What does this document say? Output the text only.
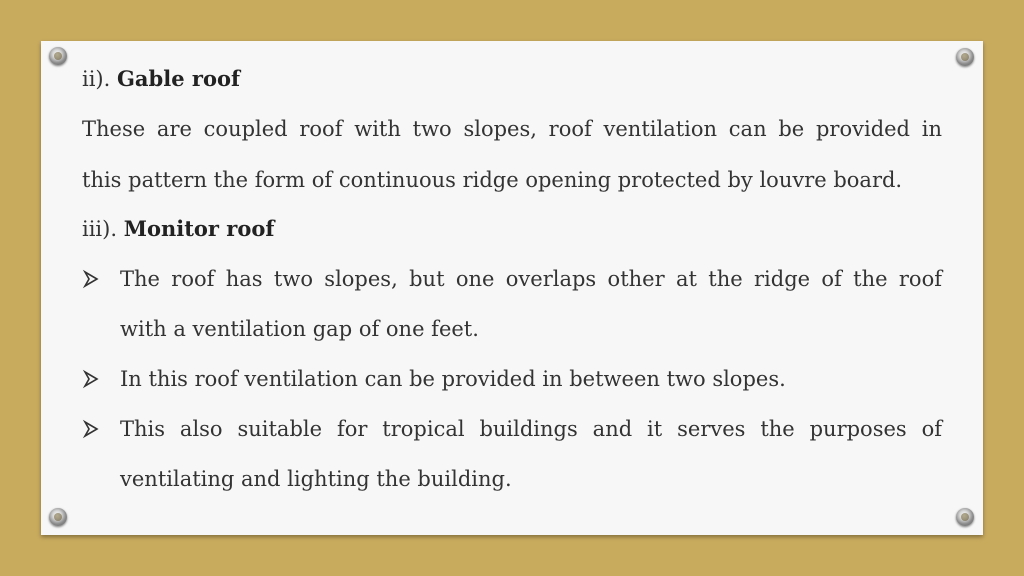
ii). Gable roof
These are coupled roof with two slopes, roof ventilation can be provided in
this pattern the form of continuous ridge opening protected by louvre board.
iii). Monitor roof
The roof has two slopes, but one overlaps other at the ridge of the roof
with a ventilation gap of one feet.
In this roof ventilation can be provided in between two slopes.
This also suitable for tropical buildings and it serves the purposes of
ventilating and lighting the building.
